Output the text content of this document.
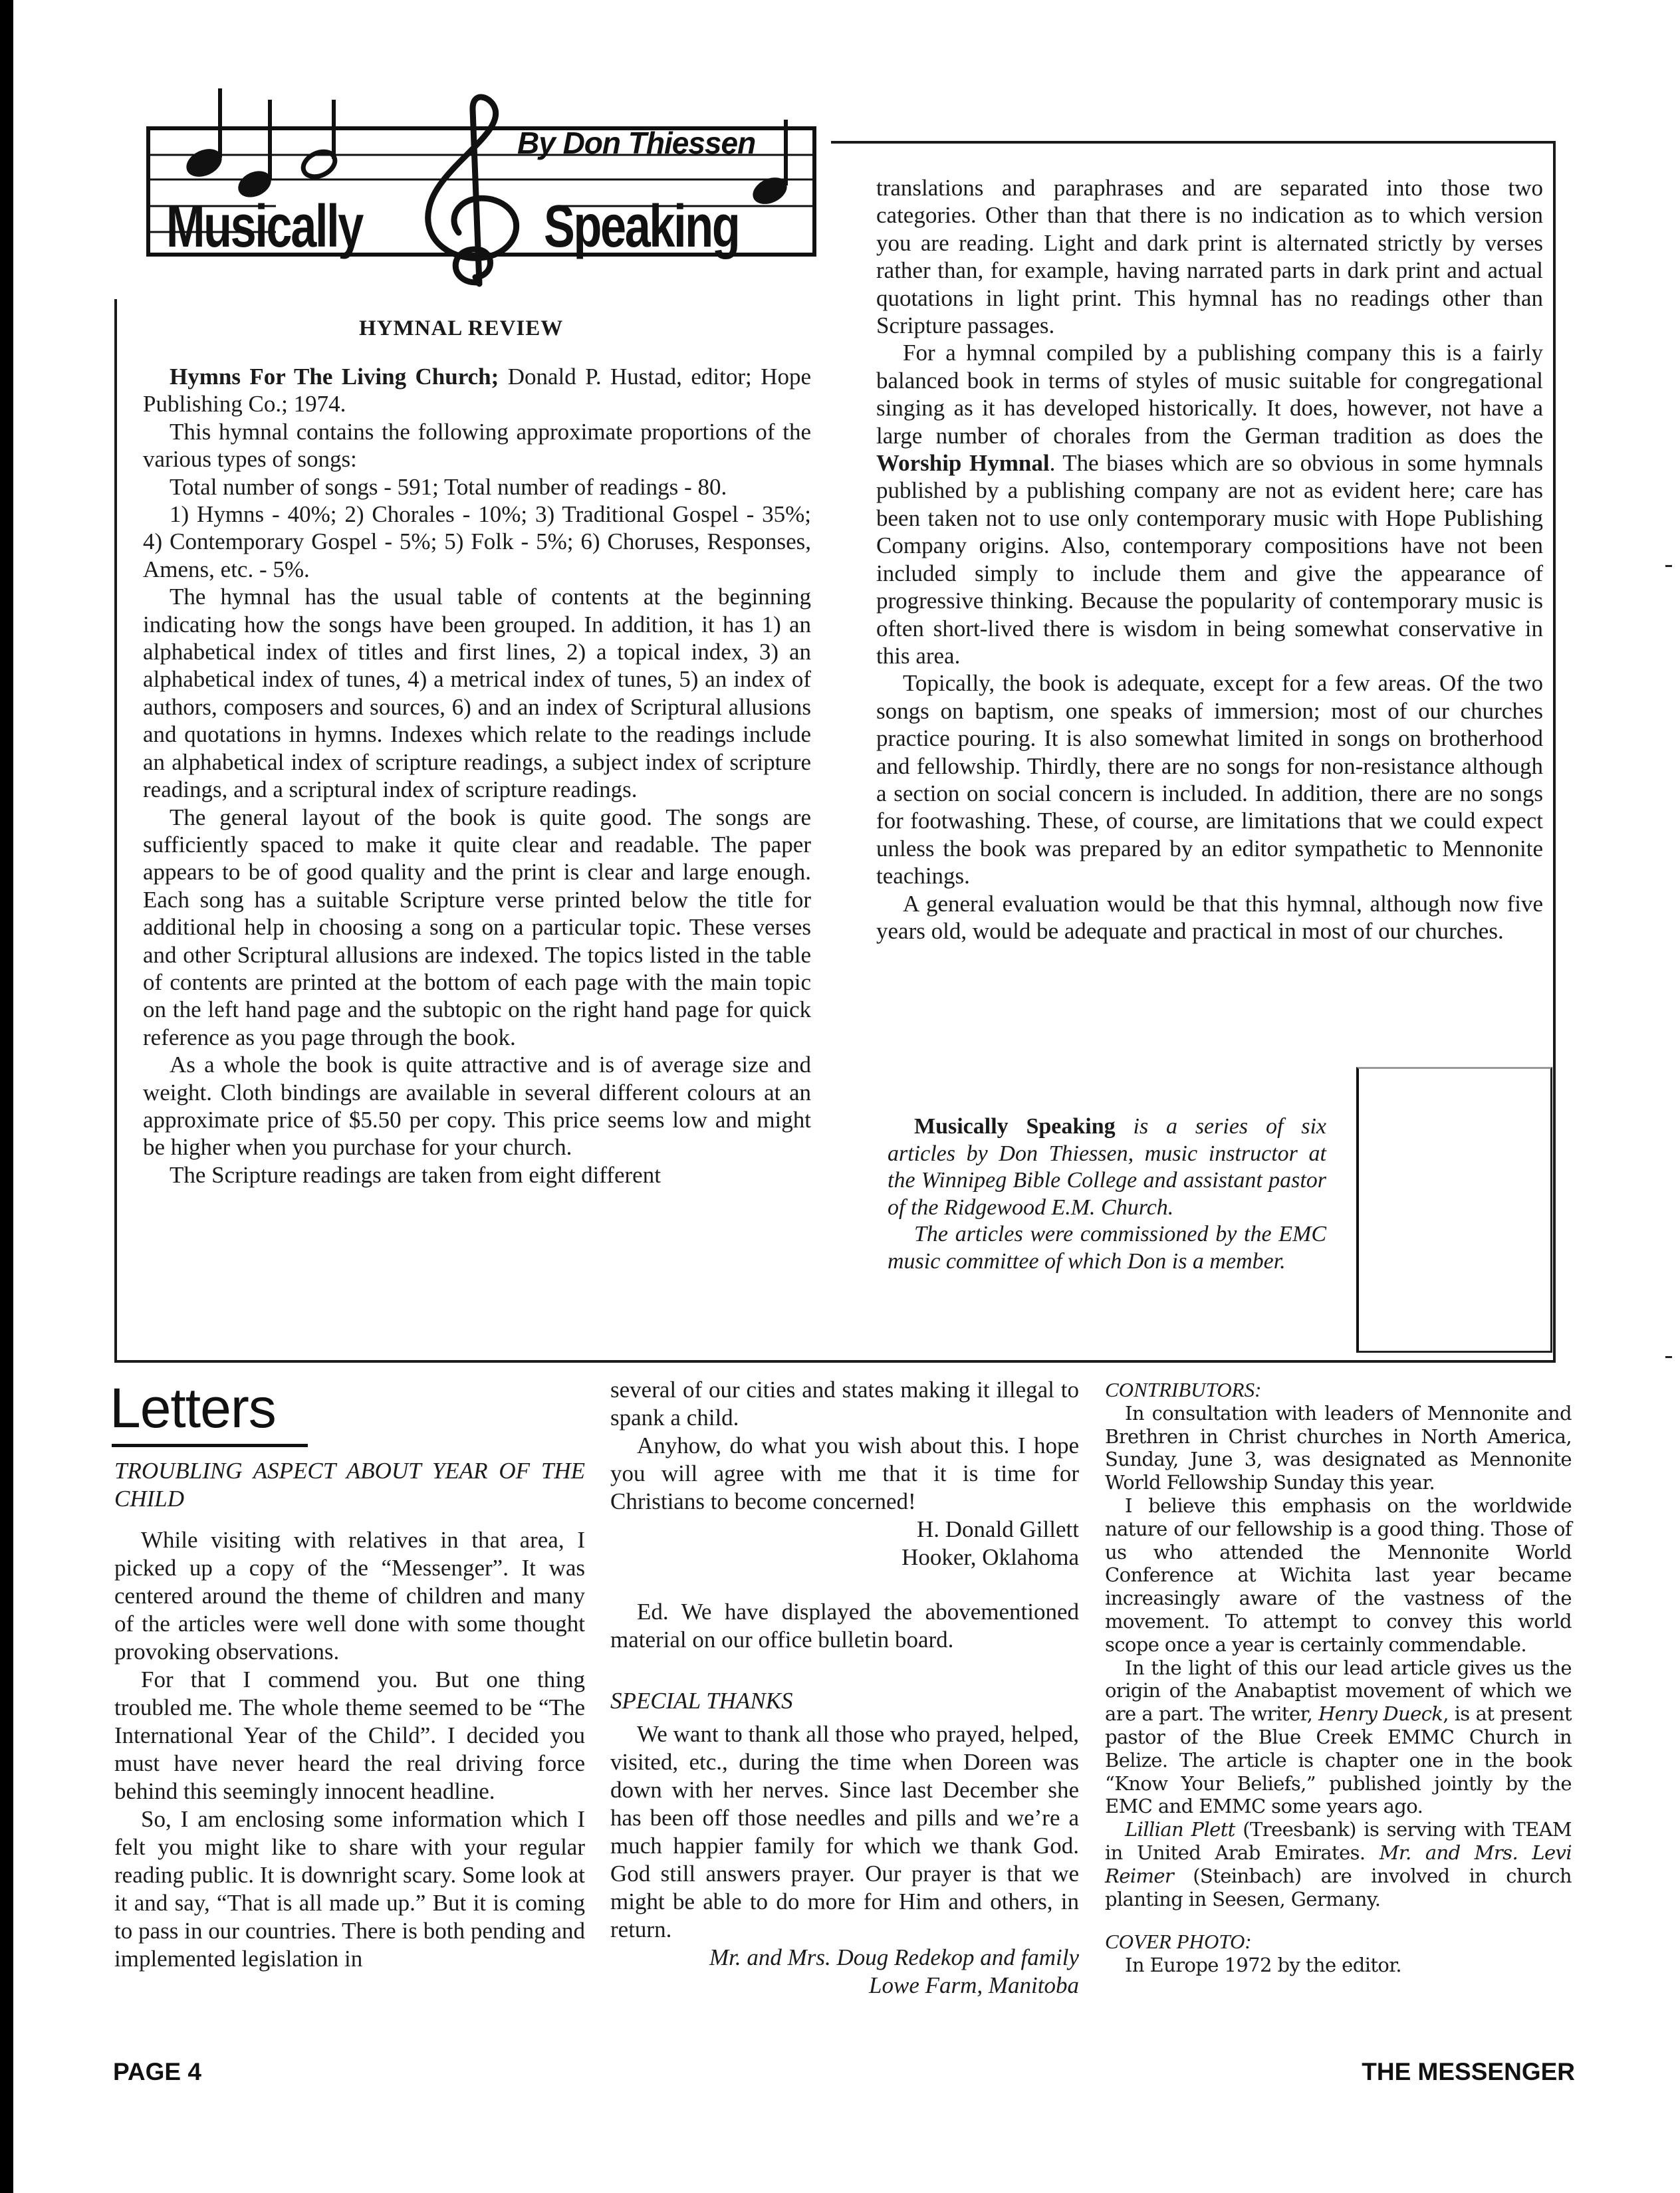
By Don Thiessen
Musically	Speaking
HYMNAL REVIEW

Hymns For The Living Church; Donald P. Hustad, editor; Hope Publishing Co.; 1974.

This hymnal contains the following approximate proportions of the various types of songs:

Total number of songs - 591; Total number of readings - 80.

1) Hymns - 40%; 2) Chorales - 10%; 3) Traditional Gospel - 35%; 4) Contemporary Gospel - 5%; 5) Folk - 5%; 6) Choruses, Responses, Amens, etc. - 5%.

The hymnal has the usual table of contents at the beginning indicating how the songs have been grouped. In addition, it has 1) an alphabetical index of titles and first lines, 2) a topical index, 3) an alphabetical index of tunes, 4) a metrical index of tunes, 5) an index of authors, composers and sources, 6) and an index of Scriptural allusions and quotations in hymns. Indexes which relate to the readings include an alphabetical index of scripture readings, a subject index of scripture readings, and a scriptural index of scripture readings.

The general layout of the book is quite good. The songs are sufficiently spaced to make it quite clear and readable. The paper appears to be of good quality and the print is clear and large enough. Each song has a suitable Scripture verse printed below the title for additional help in choosing a song on a particular topic. These verses and other Scriptural allusions are indexed. The topics listed in the table of contents are printed at the bottom of each page with the main topic on the left hand page and the subtopic on the right hand page for quick reference as you page through the book.

As a whole the book is quite attractive and is of average size and weight. Cloth bindings are available in several different colours at an approximate price of $5.50 per copy. This price seems low and might be higher when you purchase for your church.

The Scripture readings are taken from eight different

translations and paraphrases and are separated into those two categories. Other than that there is no indication as to which version you are reading. Light and dark print is alternated strictly by verses rather than, for example, having narrated parts in dark print and actual quotations in light print. This hymnal has no readings other than Scripture passages.

For a hymnal compiled by a publishing company this is a fairly balanced book in terms of styles of music suitable for congregational singing as it has developed historically. It does, however, not have a large number of chorales from the German tradition as does the Worship Hymnal. The biases which are so obvious in some hymnals published by a publishing company are not as evident here; care has been taken not to use only contemporary music with Hope Publishing Company origins. Also, contemporary compositions have not been included simply to include them and give the appearance of progressive thinking. Because the popularity of contemporary music is often short-lived there is wisdom in being somewhat conservative in this area.

Topically, the book is adequate, except for a few areas. Of the two songs on baptism, one speaks of immersion; most of our churches practice pouring. It is also somewhat limited in songs on brotherhood and fellowship. Thirdly, there are no songs for non-resistance although a section on social concern is included. In addition, there are no songs for footwashing. These, of course, are limitations that we could expect unless the book was prepared by an editor sympathetic to Mennonite teachings.

A general evaluation would be that this hymnal, although now five years old, would be adequate and practical in most of our churches.

Musically Speaking is a series of six articles by Don Thiessen, music instructor at the Winnipeg Bible College and assistant pastor of the Ridgewood E.M. Church.

The articles were commissioned by the EMC music committee of which Don is a member.

Letters

TROUBLING ASPECT ABOUT YEAR OF THE CHILD

While visiting with relatives in that area, I picked up a copy of the “Messenger”. It was centered around the theme of children and many of the articles were well done with some thought provoking observations.

For that I commend you. But one thing troubled me. The whole theme seemed to be “The International Year of the Child”. I decided you must have never heard the real driving force behind this seemingly innocent headline.

So, I am enclosing some information which I felt you might like to share with your regular reading public. It is downright scary. Some look at it and say, “That is all made up.” But it is coming to pass in our countries. There is both pending and implemented legislation in

several of our cities and states making it illegal to spank a child.

Anyhow, do what you wish about this. I hope you will agree with me that it is time for Christians to become concerned!

H. Donald Gillett

Hooker, Oklahoma

Ed. We have displayed the abovementioned material on our office bulletin board.

SPECIAL THANKS

We want to thank all those who prayed, helped, visited, etc., during the time when Doreen was down with her nerves. Since last December she has been off those needles and pills and we’re a much happier family for which we thank God. God still answers prayer. Our prayer is that we might be able to do more for Him and others, in return.

Mr. and Mrs. Doug Redekop and family

Lowe Farm, Manitoba

CONTRIBUTORS:

In consultation with leaders of Mennonite and Brethren in Christ churches in North America, Sunday, June 3, was designated as Mennonite World Fellowship Sunday this year.

I believe this emphasis on the worldwide nature of our fellowship is a good thing. Those of us who attended the Mennonite World Conference at Wichita last year became increasingly aware of the vastness of the movement. To attempt to convey this world scope once a year is certainly commendable.

In the light of this our lead article gives us the origin of the Anabaptist movement of which we are a part. The writer, Henry Dueck, is at present pastor of the Blue Creek EMMC Church in Belize. The article is chapter one in the book “Know Your Beliefs,” published jointly by the EMC and EMMC some years ago.

Lillian Plett (Treesbank) is serving with TEAM in United Arab Emirates. Mr. and Mrs. Levi Reimer (Steinbach) are involved in church planting in Seesen, Germany.

COVER PHOTO:

In Europe 1972 by the editor.

PAGE 4	THE MESSENGER
